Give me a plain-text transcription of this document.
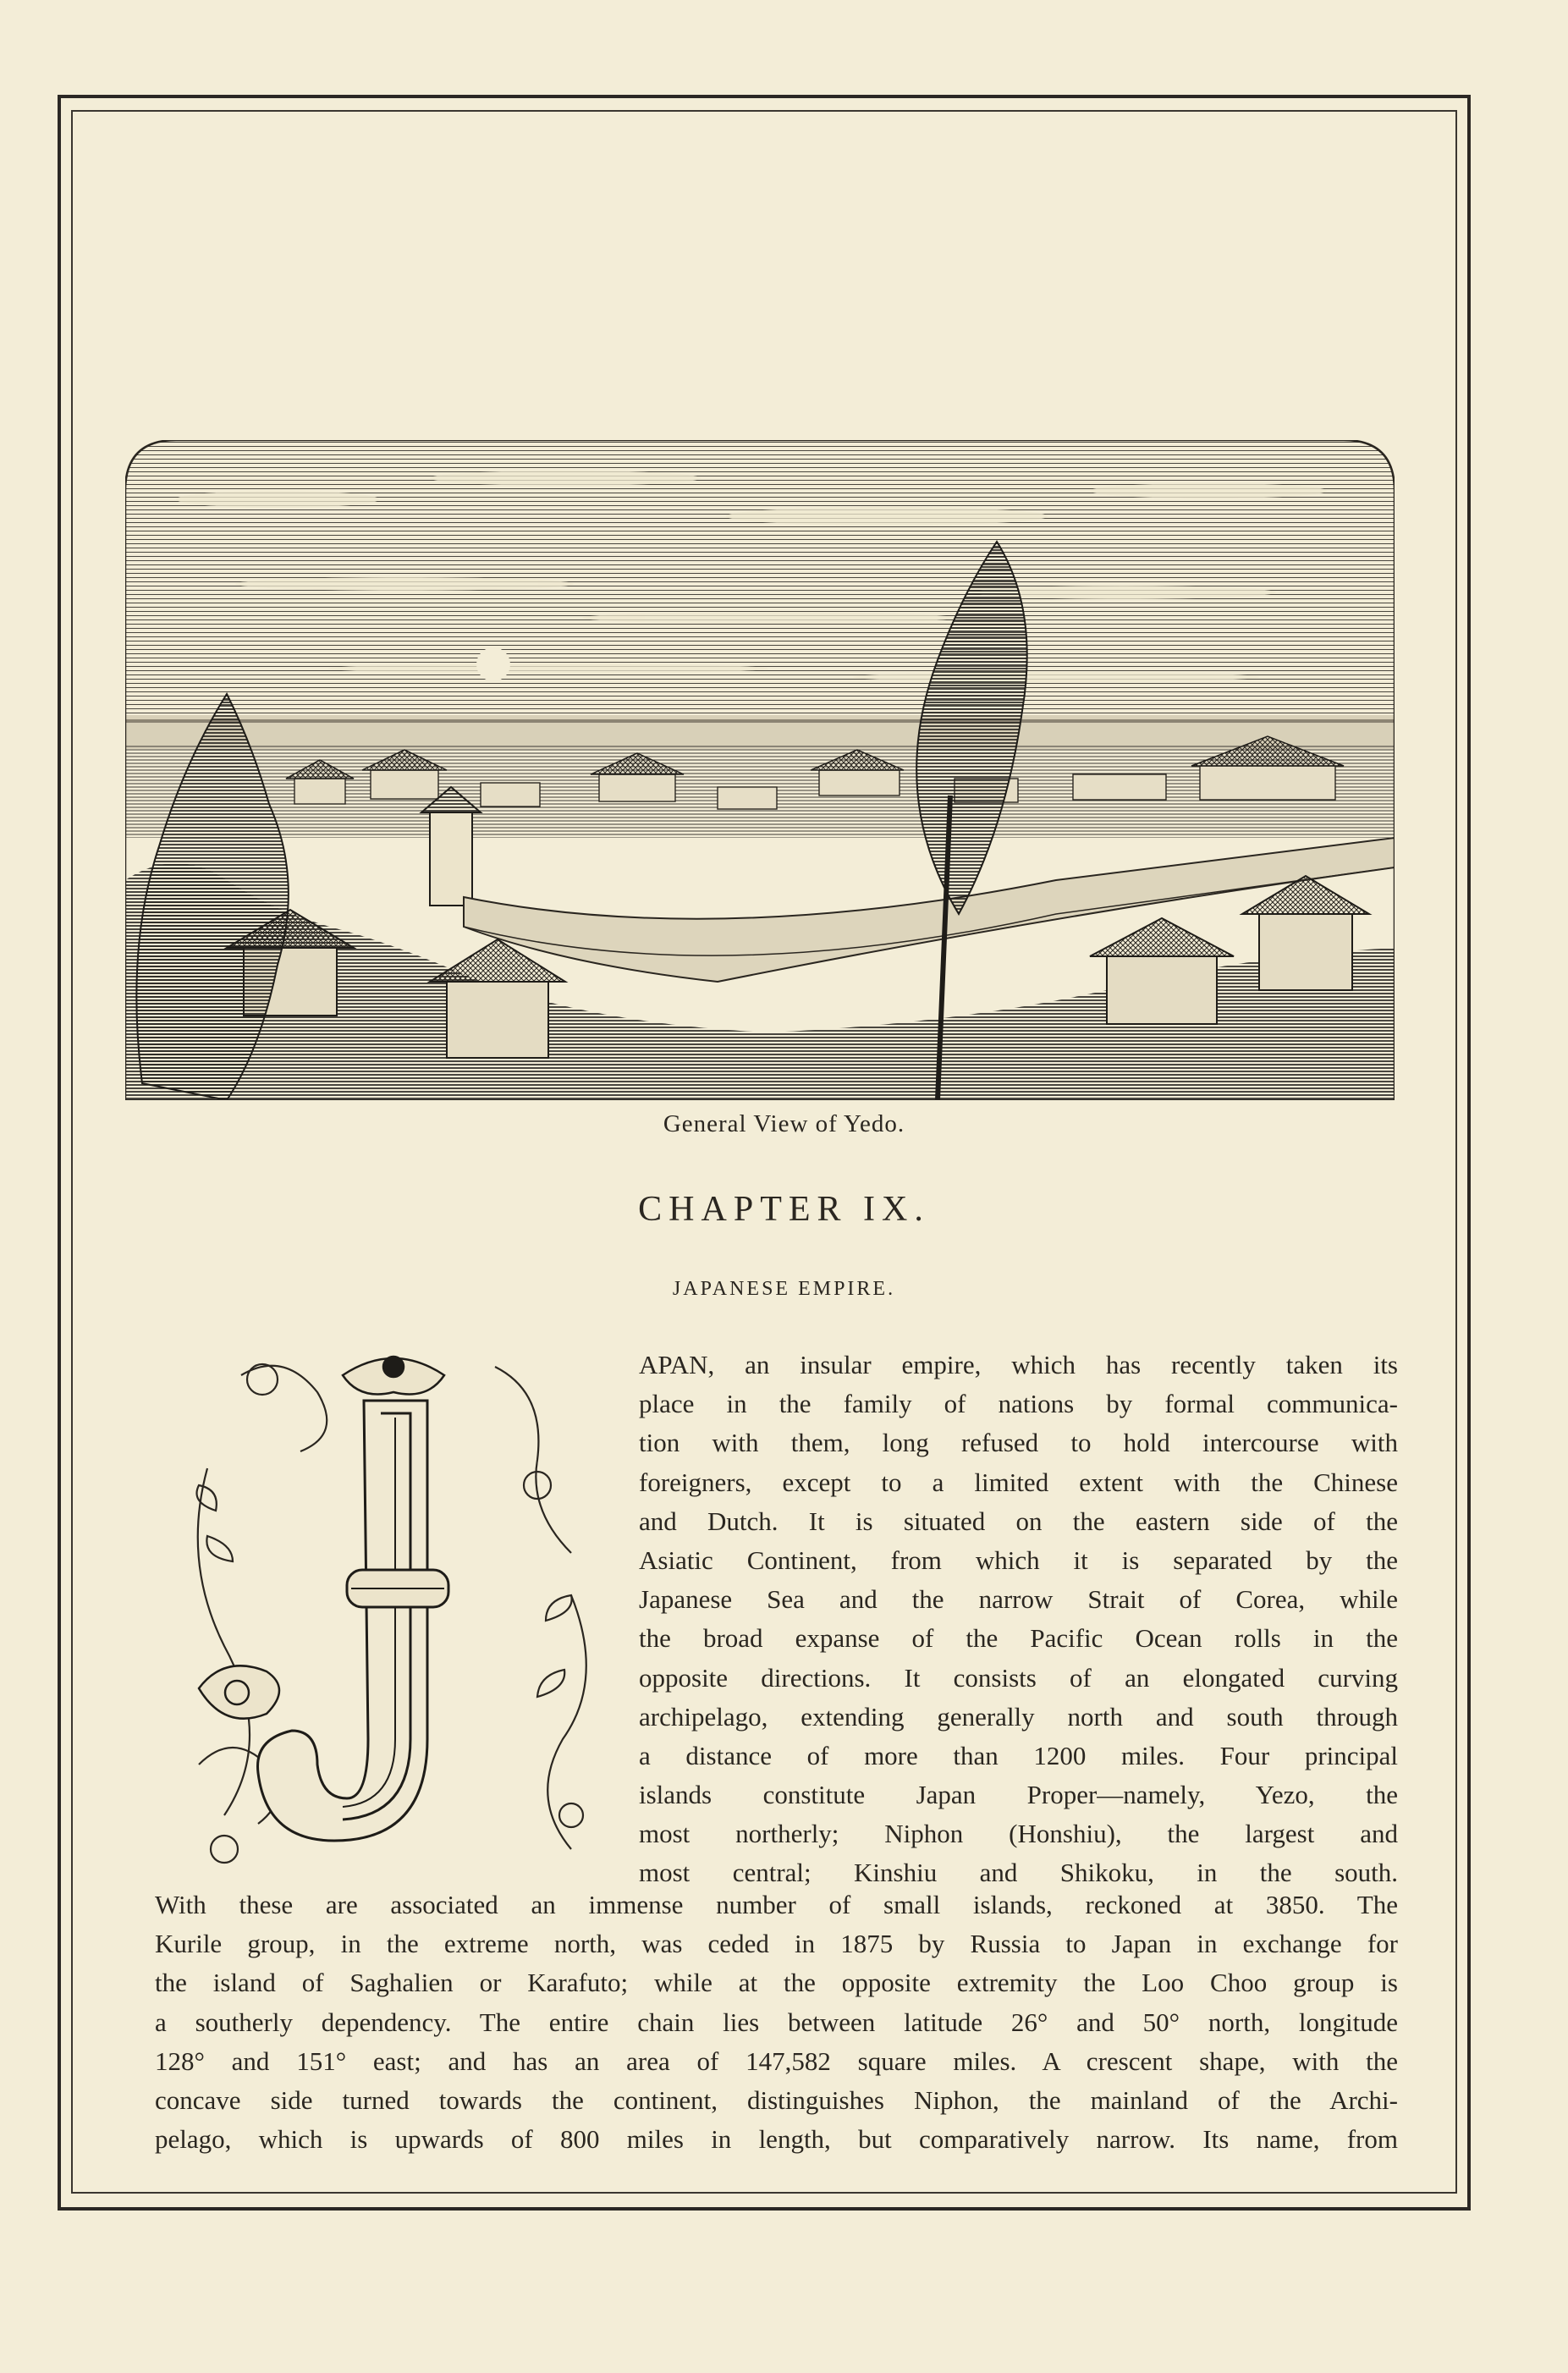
General View of Yedo.
CHAPTER IX.
JAPANESE EMPIRE.
APAN, an insular empire, which has recently taken its
place in the family of nations by formal communica-
tion with them, long refused to hold intercourse with
foreigners, except to a limited extent with the Chinese
and Dutch. It is situated on the eastern side of the
Asiatic Continent, from which it is separated by the
Japanese Sea and the narrow Strait of Corea, while
the broad expanse of the Pacific Ocean rolls in the
opposite directions. It consists of an elongated curving
archipelago, extending generally north and south through
a distance of more than 1200 miles. Four principal
islands constitute Japan Proper—namely, Yezo, the
most northerly; Niphon (Honshiu), the largest and
most central; Kinshiu and Shikoku, in the south.
With these are associated an immense number of small islands, reckoned at 3850. The
Kurile group, in the extreme north, was ceded in 1875 by Russia to Japan in exchange for
the island of Saghalien or Karafuto; while at the opposite extremity the Loo Choo group is
a southerly dependency. The entire chain lies between latitude 26° and 50° north, longitude
128° and 151° east; and has an area of 147,582 square miles. A crescent shape, with the
concave side turned towards the continent, distinguishes Niphon, the mainland of the Archi-
pelago, which is upwards of 800 miles in length, but comparatively narrow. Its name, from
